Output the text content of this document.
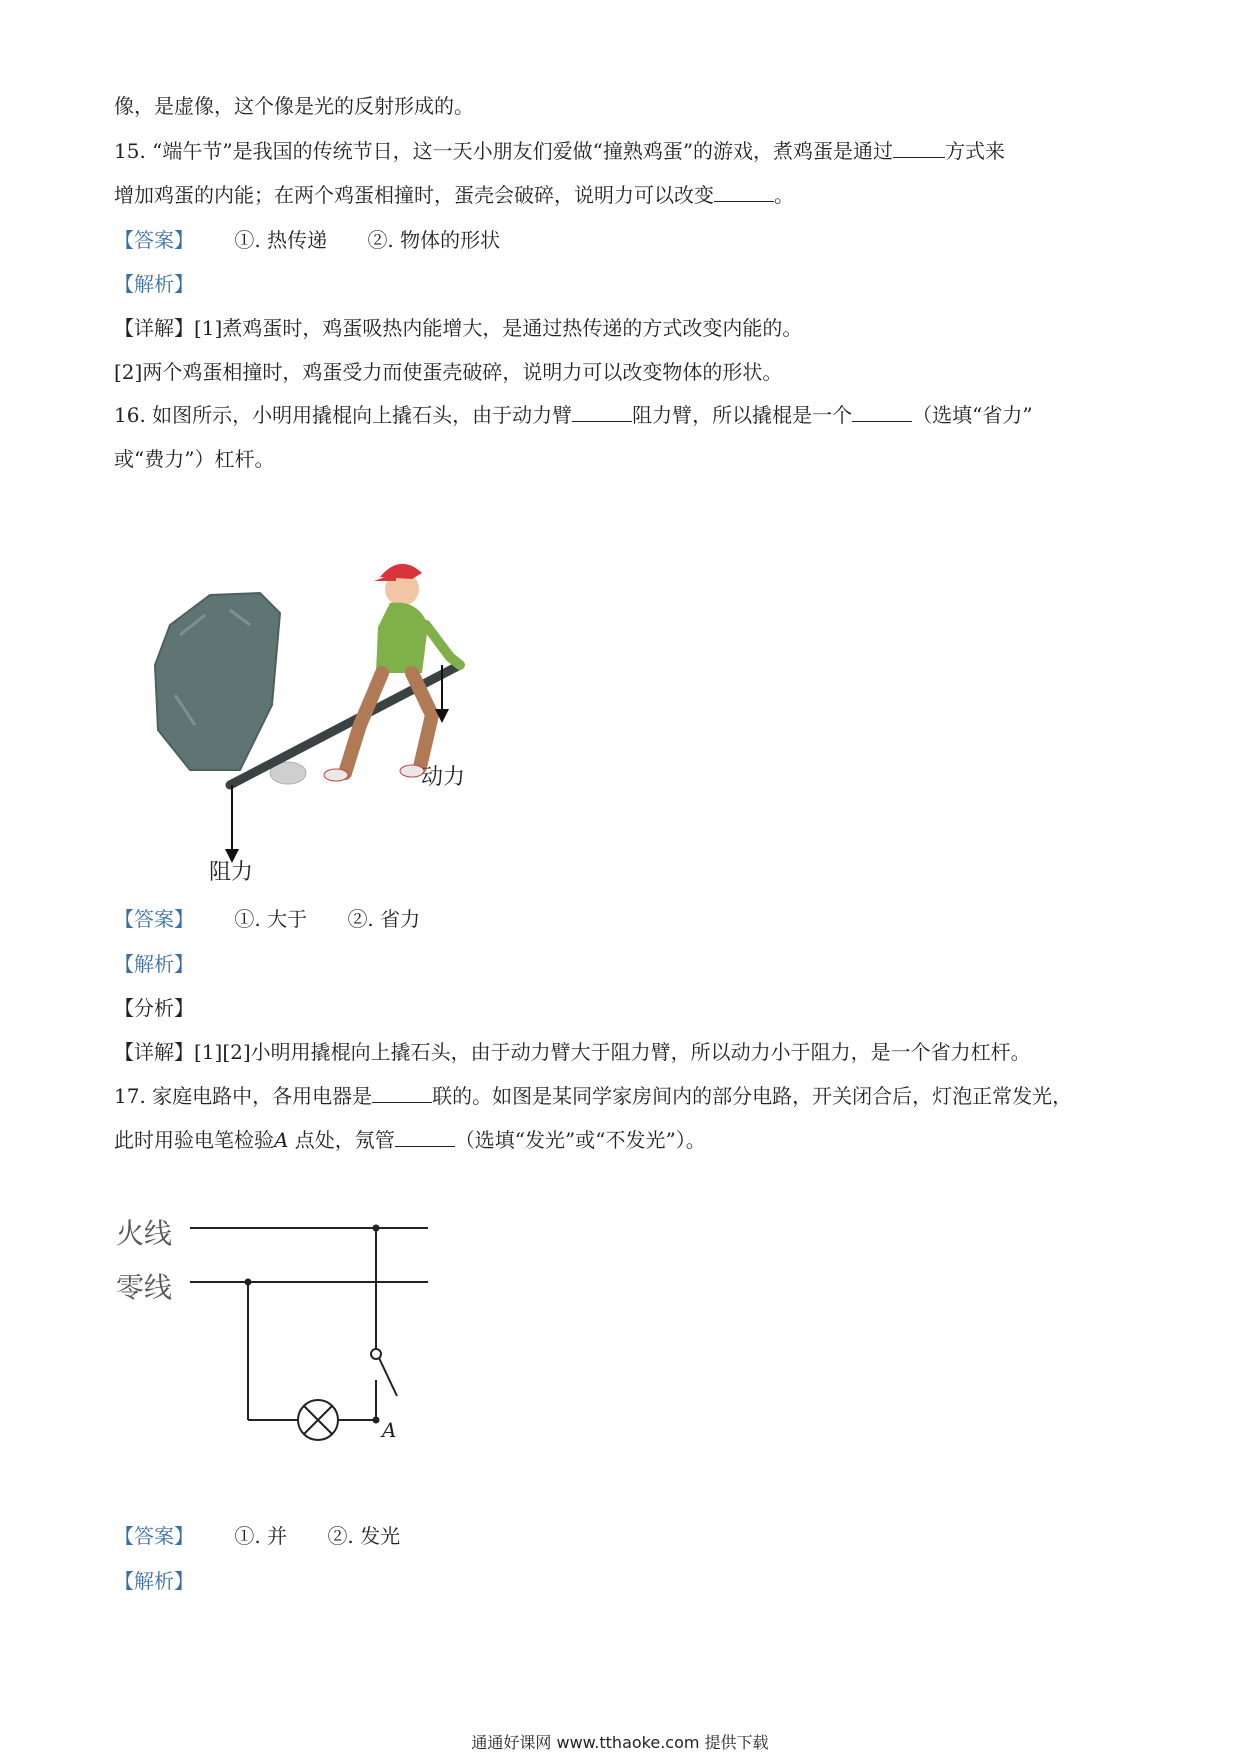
像，是虚像，这个像是光的反射形成的。
15. “端午节”是我国的传统节日，这一天小朋友们爱做“撞熟鸡蛋”的游戏，煮鸡蛋是通过	方式来
增加鸡蛋的内能；在两个鸡蛋相撞时，蛋壳会破碎，说明力可以改变	。
【答案】 ①. 热传递 ②. 物体的形状
【解析】
【详解】[1]煮鸡蛋时，鸡蛋吸热内能增大，是通过热传递的方式改变内能的。
[2]两个鸡蛋相撞时，鸡蛋受力而使蛋壳破碎，说明力可以改变物体的形状。
16. 如图所示，小明用撬棍向上撬石头，由于动力臂	阻力臂，所以撬棍是一个	（选填“省力”
或“费力”）杠杆。
动力
阻力
【答案】 ①. 大于 ②. 省力
【解析】
【分析】
【详解】[1][2]小明用撬棍向上撬石头，由于动力臂大于阻力臂，所以动力小于阻力，是一个省力杠杆。
17. 家庭电路中，各用电器是	联的。如图是某同学家房间内的部分电路，开关闭合后，灯泡正常发光，
此时用验电笔检验A 点处，氖管	（选填“发光”或“不发光”）。
火线
零线
A
【答案】 ①. 并 ②. 发光
【解析】
通通好课网 www.tthaoke.com 提供下载
